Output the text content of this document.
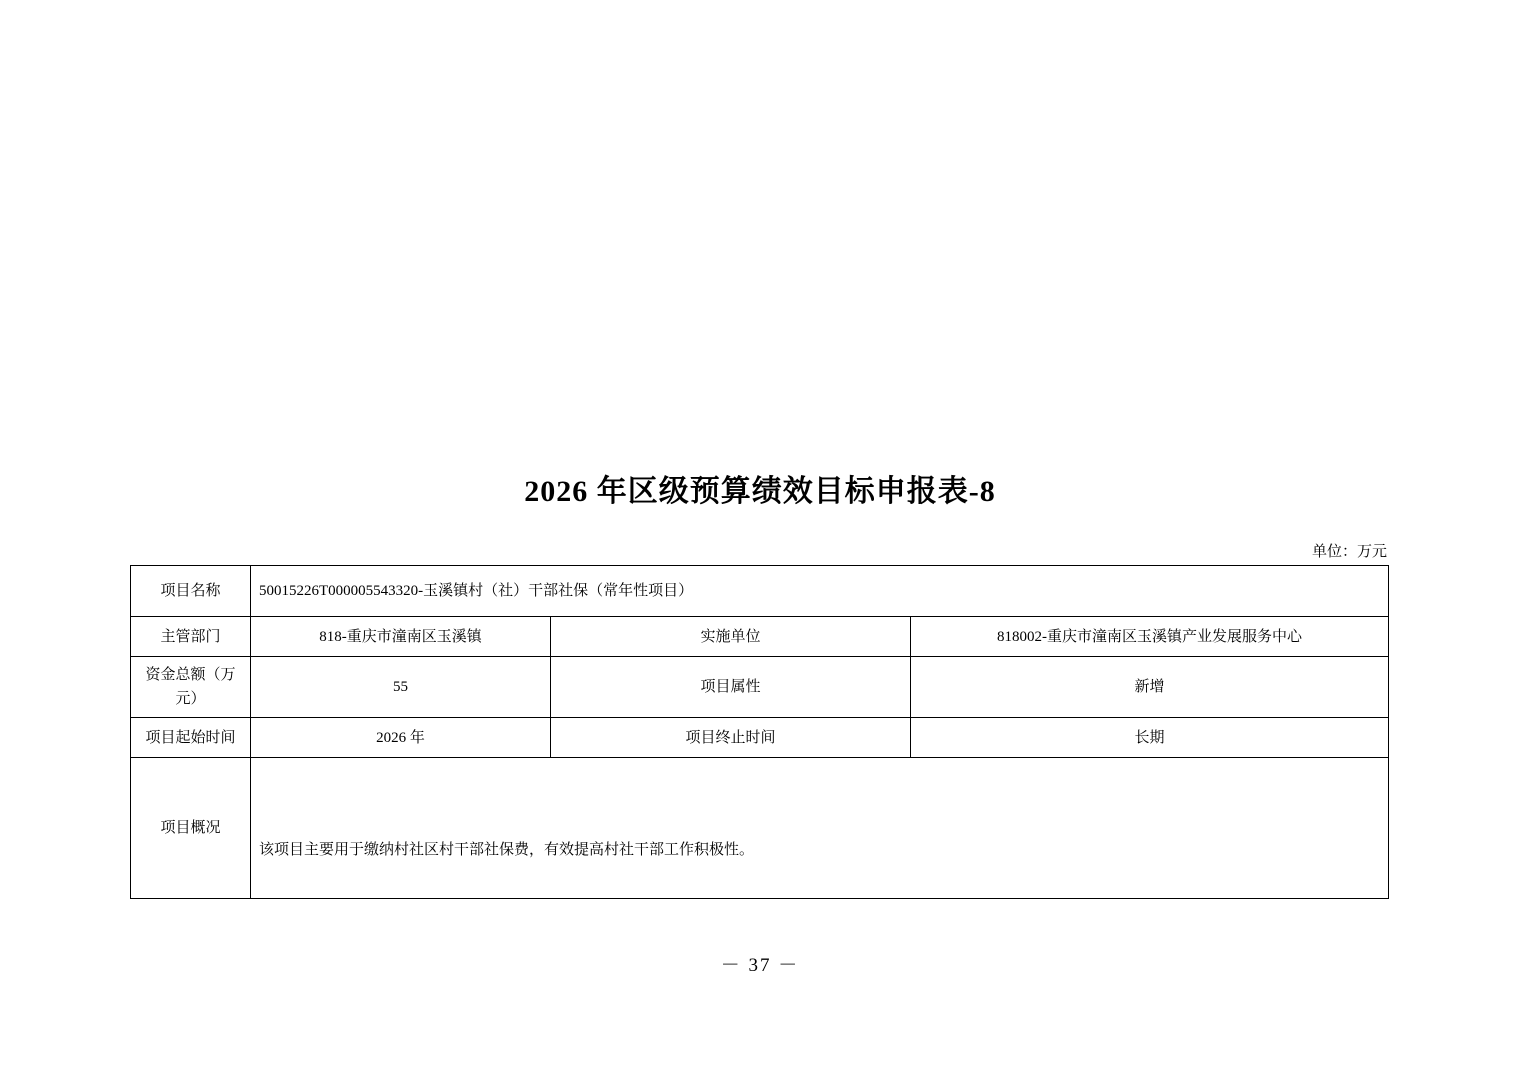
2026 年区级预算绩效目标申报表-8
单位：万元
项目名称	50015226T000005543320-玉溪镇村（社）干部社保（常年性项目）		
主管部门	818-重庆市潼南区玉溪镇	实施单位	818002-重庆市潼南区玉溪镇产业发展服务中心
资金总额（万元）	55	项目属性	新增
项目起始时间	2026 年	项目终止时间	长期
项目概况	该项目主要用于缴纳村社区村干部社保费，有效提高村社干部工作积极性。		
－ 37 －
